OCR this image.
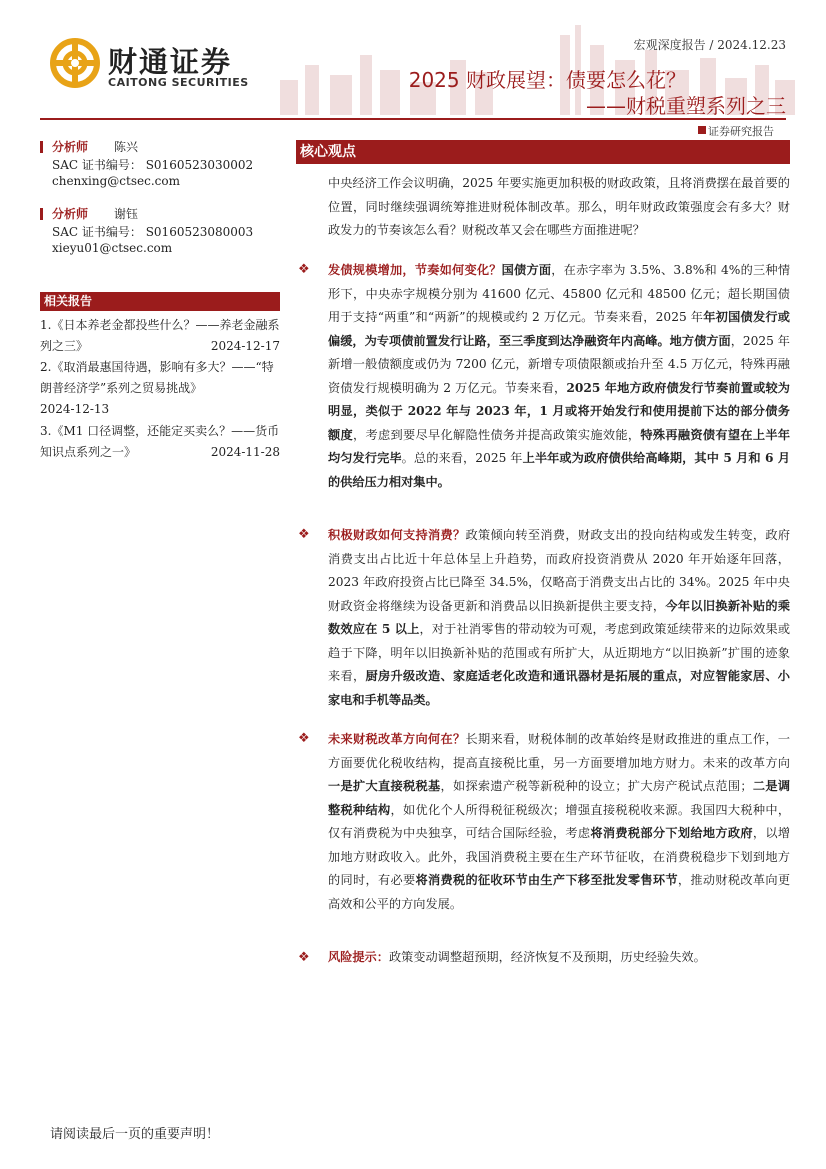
财通证券
CAITONG SECURITIES
宏观深度报告 / 2024.12.23
2025 财政展望：债要怎么花？
——财税重塑系列之三
证券研究报告
分析师 陈兴
SAC 证书编号： S0160523030002
chenxing@ctsec.com
分析师 谢钰
SAC 证书编号： S0160523080003
xieyu01@ctsec.com
相关报告
1.《日本养老金都投些什么？——养老金融系列之三》	2024-12-17
2.《取消最惠国待遇，影响有多大？——“特朗普经济学”系列之贸易挑战》
2024-12-13
3.《M1 口径调整，还能定买卖么？——货币知识点系列之一》	2024-11-28
核心观点
中央经济工作会议明确，2025 年要实施更加积极的财政政策，且将消费摆在最首要的位置，同时继续强调统筹推进财税体制改革。那么，明年财政政策强度会有多大？财政发力的节奏该怎么看？财税改革又会在哪些方面推进呢？
❖ 发债规模增加，节奏如何变化？国债方面，在赤字率为 3.5%、3.8%和 4%的三种情形下，中央赤字规模分别为 41600 亿元、45800 亿元和 48500 亿元；超长期国债用于支持“两重”和“两新”的规模或约 2 万亿元。节奏来看，2025 年年初国债发行或偏缓，为专项债前置发行让路，至三季度到达净融资年内高峰。地方债方面，2025 年新增一般债额度或仍为 7200 亿元，新增专项债限额或抬升至 4.5 万亿元，特殊再融资债发行规模明确为 2 万亿元。节奏来看，2025 年地方政府债发行节奏前置或较为明显，类似于 2022 年与 2023 年，1 月或将开始发行和使用提前下达的部分债务额度，考虑到要尽早化解隐性债务并提高政策实施效能，特殊再融资债有望在上半年均匀发行完毕。总的来看，2025 年上半年或为政府债供给高峰期，其中 5 月和 6 月的供给压力相对集中。
❖ 积极财政如何支持消费？政策倾向转至消费，财政支出的投向结构或发生转变，政府消费支出占比近十年总体呈上升趋势，而政府投资消费从 2020 年开始逐年回落，2023 年政府投资占比已降至 34.5%，仅略高于消费支出占比的 34%。2025 年中央财政资金将继续为设备更新和消费品以旧换新提供主要支持，今年以旧换新补贴的乘数效应在 5 以上，对于社消零售的带动较为可观，考虑到政策延续带来的边际效果或趋于下降，明年以旧换新补贴的范围或有所扩大，从近期地方“以旧换新”扩围的迹象来看，厨房升级改造、家庭适老化改造和通讯器材是拓展的重点，对应智能家居、小家电和手机等品类。
❖ 未来财税改革方向何在？长期来看，财税体制的改革始终是财政推进的重点工作，一方面要优化税收结构，提高直接税比重，另一方面要增加地方财力。未来的改革方向一是扩大直接税税基，如探索遗产税等新税种的设立；扩大房产税试点范围；二是调整税种结构，如优化个人所得税征税级次；增强直接税税收来源。我国四大税种中，仅有消费税为中央独享，可结合国际经验，考虑将消费税部分下划给地方政府，以增加地方财政收入。此外，我国消费税主要在生产环节征收，在消费税稳步下划到地方的同时，有必要将消费税的征收环节由生产下移至批发零售环节，推动财税改革向更高效和公平的方向发展。
❖ 风险提示：政策变动调整超预期，经济恢复不及预期，历史经验失效。
请阅读最后一页的重要声明！
